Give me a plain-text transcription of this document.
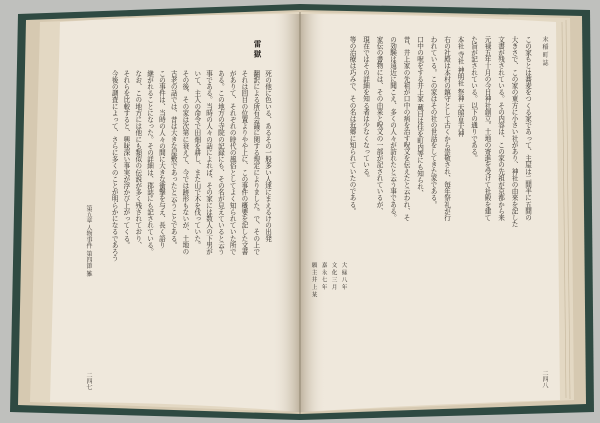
第五章 人物事件 第四節 雑
二四七
雷 獄
死の他に色いる、あるその一般多い人達にまえるけの出発
翻訳による所有会議に関する規定によりました。で、その上で
それは回目の位置よりやや上に、この事件の概要を記した文書
がありて、それぞれの時代の風俗としてよく知られていた所で
ある。この地方の寺院の記録にも、その名が見えていると云う
事である。当時の人々の話によれば、その家には数人の下男が
いて、主人の命令で田畑を耕し、また山で木を伐っていた。
その後、その家は次第に衰えて、今では跡形もないが、土地の
古老の話では、昔は大きな屋敷であったと云うことである。
この事件は、当時の人々の間に大きな衝撃を与え、長く語り
継がれることになった。その詳細は、郡誌にも記されている。
なお、この地方には他にも類似の伝説が多く残されており、
それらを比較すると、興味深い事実が浮かび上がってくる。
今後の調査によって、さらに多くのことが明らかになるであろう
末 稲 町 誌
二四八
この家もとは蕎麦をつくる家であって、主屋は二間半に五間の
大きさで、この家の東方に小さい社があり、神社の由来を記した
文書が残されている。その内容は、この家の先祖が京都から来
元禄五年十月の今日神社創立。土地の寄進を受けて社殿を建て
た旨が記されている。以下の通りである。
本社 寺社 神明社 祭神 天照皇大神
右の社殿は本村の鎮守として古くから崇敬され、毎年祭礼が行
われている。この家はその社の世話をしてきた家である。
口中の呪をする井上家 蔵目は佳を町内等にも知られ、
昔、井上家の先祖が口中の病を治す呪文を伝えたと云われ、そ
の効験は遠近に聞こえ、多くの人々が訪れたと云う事である。
家伝の書物には、その由来と呪文の一部が記されているが、
現在ではその詳細を知る者は少なくなっている。
等の治療は巧みで、その名は近郷に知られていたのである。
大 緑 八 年
文 化 三 月
嘉 永 七 年
願 主 井 上 某
